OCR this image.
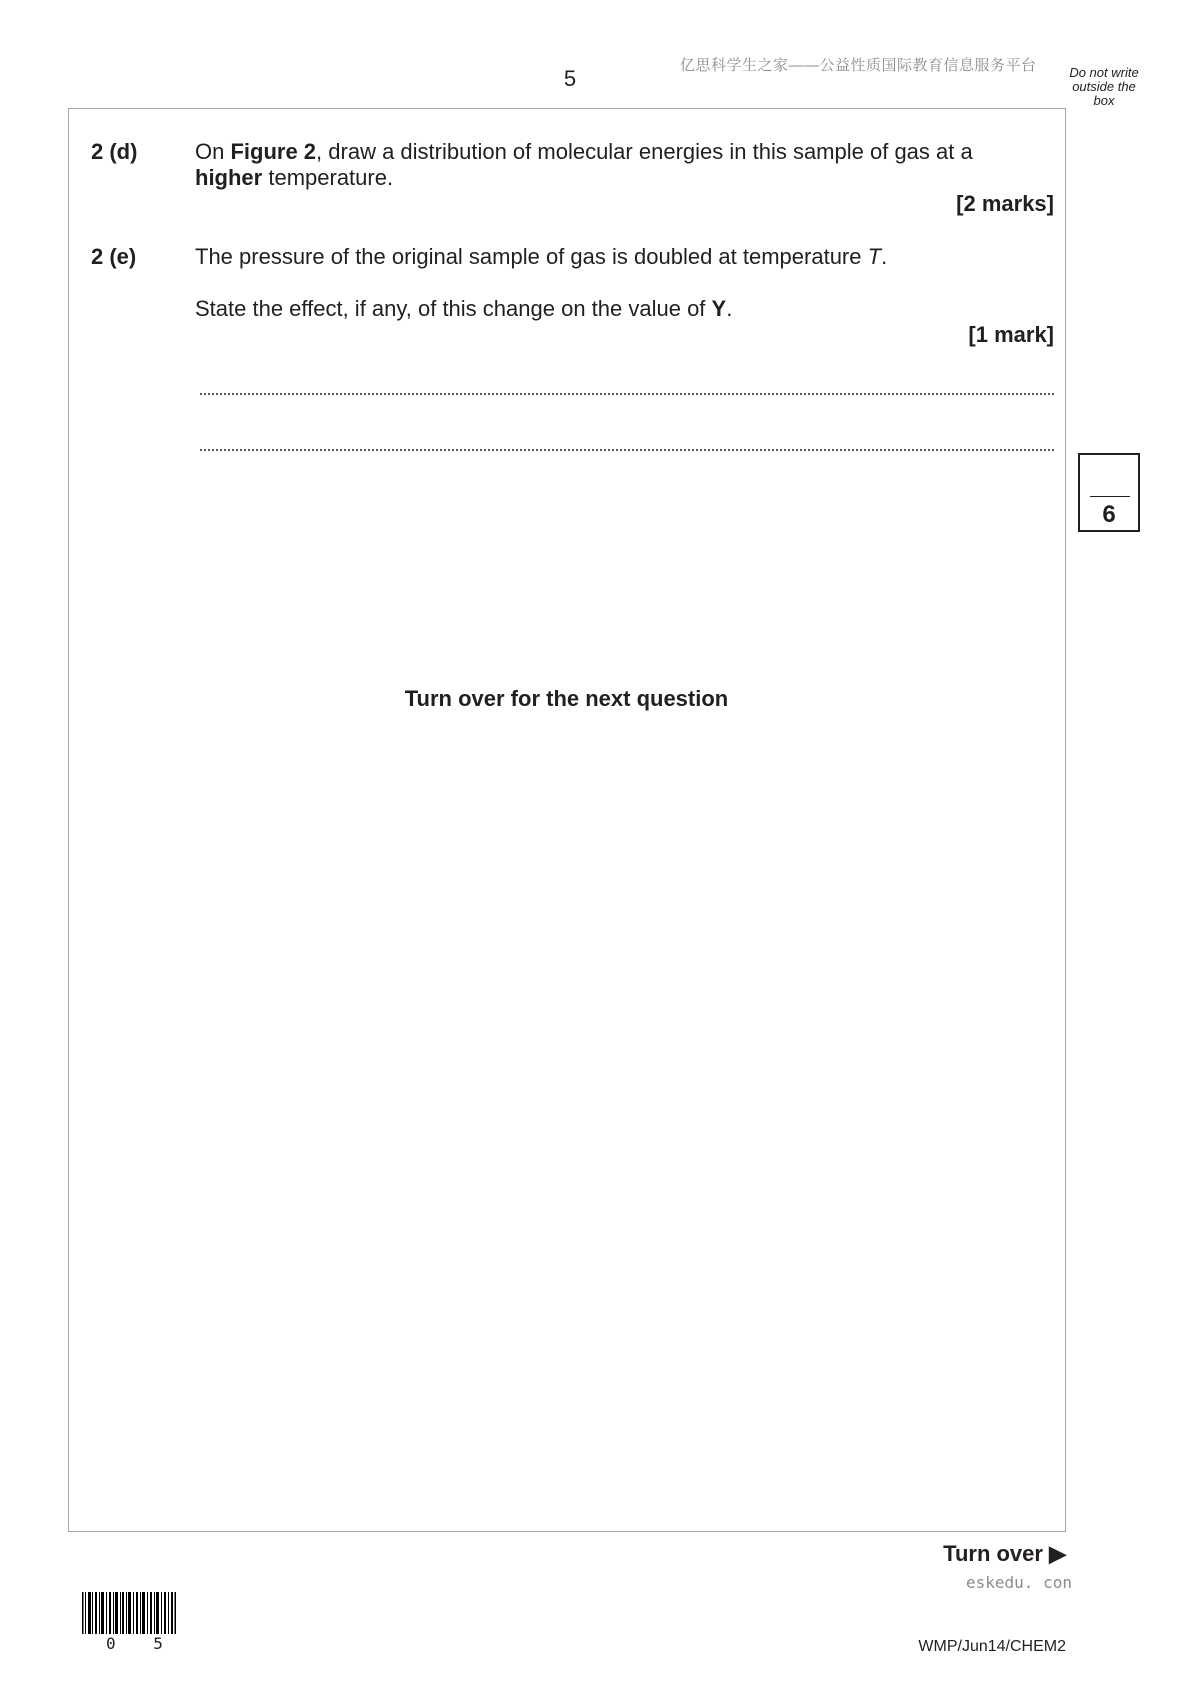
5
亿思科学生之家——公益性质国际教育信息服务平台	Do not write outside the box
2 (d)	On Figure 2, draw a distribution of molecular energies in this sample of gas at a
higher temperature.
[2 marks]
2 (e)	The pressure of the original sample of gas is doubled at temperature T.
State the effect, if any, of this change on the value of Y.
[1 mark]
6
Turn over for the next question
Turn over ▶
eskedu. con
0 5	WMP/Jun14/CHEM2
